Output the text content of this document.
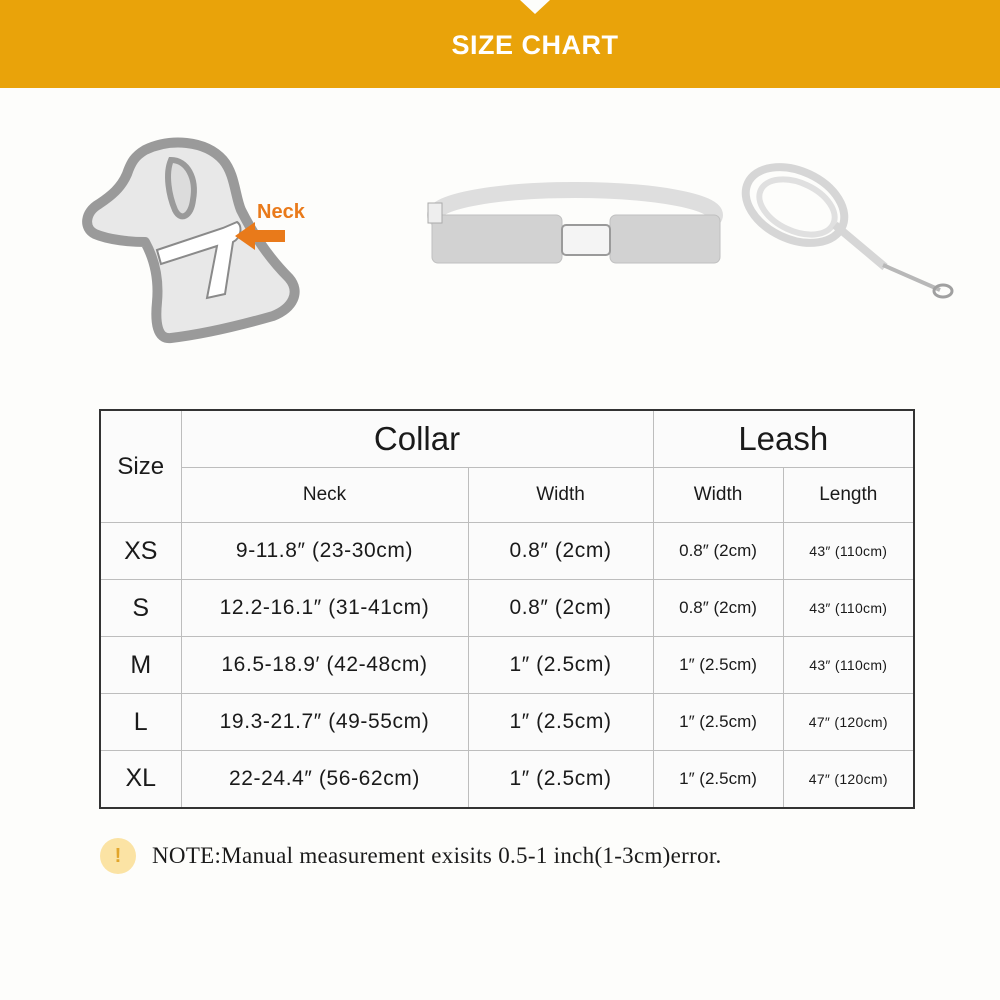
SIZE CHART
Neck
Size	Collar		Leash	
	Neck	Width	Width	Length
XS	9-11.8″ (23-30cm)	0.8″ (2cm)	0.8″ (2cm)	43″ (110cm)
S	12.2-16.1″ (31-41cm)	0.8″ (2cm)	0.8″ (2cm)	43″ (110cm)
M	16.5-18.9′ (42-48cm)	1″ (2.5cm)	1″ (2.5cm)	43″ (110cm)
L	19.3-21.7″ (49-55cm)	1″ (2.5cm)	1″ (2.5cm)	47″ (120cm)
XL	22-24.4″ (56-62cm)	1″ (2.5cm)	1″ (2.5cm)	47″ (120cm)
!	NOTE:Manual measurement exisits 0.5-1 inch(1-3cm)error.
